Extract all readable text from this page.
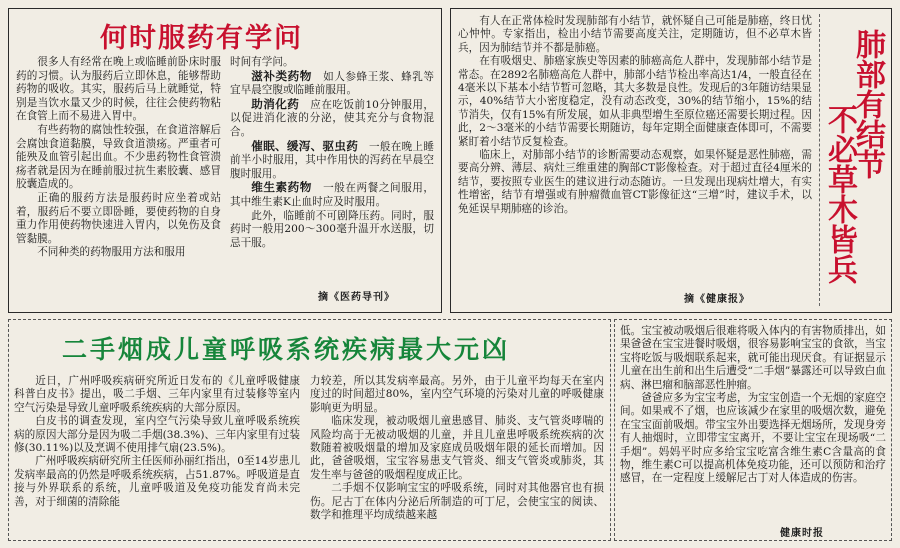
何时服药有学问

很多人有经常在晚上或临睡前卧床时服药的习惯。认为服药后立即休息，能够帮助药物的吸收。其实，服药后马上就睡觉，特别是当饮水量又少的时候，往往会使药物粘在食管上而不易进入胃中。

有些药物的腐蚀性较强，在食道溶解后会腐蚀食道黏膜，导致食道溃疡。严重者可能殃及血管引起出血。不少患药物性食管溃疡者就是因为在睡前服过抗生素胶囊、感冒胶囊造成的。

正确的服药方法是服药时应坐着或站着，服药后不要立即卧睡，要使药物的自身重力作用使药物快速进入胃内，以免伤及食管黏膜。

不同种类的药物服用方法和服用

时间有学问。

滋补类药物  如人参蜂王浆、蜂乳等宜早晨空腹或临睡前服用。

助消化药  应在吃饭前10分钟服用，以促进消化液的分泌，使其充分与食物混合。

催眠、缓泻、驱虫药  一般在晚上睡前半小时服用，其中作用快的泻药在早晨空腹时服用。

维生素药物  一般在两餐之间服用，其中维生素K止血时应及时服用。

此外，临睡前不可剧降压药。同时，服药时一般用200～300毫升温开水送服，切忌干服。

摘《医药导刊》

有人在正常体检时发现肺部有小结节，就怀疑自己可能是肺癌，终日忧心忡忡。专家指出，检出小结节需要高度关注，定期随访，但不必草木皆兵，因为肺结节并不都是肺癌。

在有吸烟史、肺癌家族史等因素的肺癌高危人群中，发现肺部小结节是常态。在2892名肺癌高危人群中，肺部小结节检出率高达1/4，一般直径在4毫米以下基本小结节暂可忽略，其大多数是良性。发现后的3年随访结果显示，40%结节大小密度稳定，没有动态改变，30%的结节缩小，15%的结节消失，仅有15%有所发展，如从非典型增生至原位癌还需要长期过程。因此，2～3毫米的小结节需要长期随访，每年定期全面健康查体即可，不需要紧盯着小结节反复检查。

临床上，对肺部小结节的诊断需要动态观察，如果怀疑是恶性肺癌，需要高分辨、薄层、病灶三维重建的胸部CT影像检查。对于超过直径4厘米的结节，要按照专业医生的建议进行动态随访。一旦发现出现病灶增大，有实性增密，结节有增强或有肿瘤微血管CT影像征这“三增”时，建议手术，以免延误早期肺癌的诊治。

摘《健康报》
肺部有结节
不必草木皆兵
二手烟成儿童呼吸系统疾病最大元凶

近日，广州呼吸疾病研究所近日发布的《儿童呼吸健康科普白皮书》提出，吸二手烟、三年内家里有过装修等室内空气污染是导致儿童呼吸系统疾病的大部分原因。

白皮书的调查发现，室内空气污染导致儿童呼吸系统疾病的原因大部分是因为吸二手烟(38.3%)、三年内家里有过装修(30.11%)以及烹调不使用排气扇(23.5%)。

广州呼吸疾病研究所主任医师孙丽红指出，0至14岁患儿发病率最高的仍然是呼吸系统疾病，占51.87%。呼吸道是直接与外界联系的系统，儿童呼吸道及免疫功能发育尚未完善，对于细菌的清除能

力较差，所以其发病率最高。另外，由于儿童平均每天在室内度过的时间超过80%，室内空气环境的污染对儿童的呼吸健康影响更为明显。

临床发现，被动吸烟儿童患感冒、肺炎、支气管炎哮喘的风险均高于无被动吸烟的儿童，并且儿童患呼吸系统疾病的次数随着被吸烟量的增加及家庭成员吸烟年限的延长而增加。因此，爸爸吸烟，宝宝容易患支气管炎、细支气管炎或肺炎，其发生率与爸爸的吸烟程度成正比。

二手烟不仅影响宝宝的呼吸系统，同时对其他器官也有损伤。尼古丁在体内分泌后所制造的可丁尼，会使宝宝的阅读、数学和推理平均成绩越来越

低。宝宝被动吸烟后很难将吸入体内的有害物质排出，如果爸爸在宝宝进餐时吸烟，很容易影响宝宝的食欲，当宝宝将吃饭与吸烟联系起来，就可能出现厌食。有证据显示儿童在出生前和出生后遭受“二手烟”暴露还可以导致白血病、淋巴瘤和脑部恶性肿瘤。

爸爸应多为宝宝考虑，为宝宝创造一个无烟的家庭空间。如果戒不了烟，也应该减少在家里的吸烟次数，避免在宝宝面前吸烟。带宝宝外出要选择无烟场所，发现身旁有人抽烟时，立即带宝宝离开，不要让宝宝在现场吸“二手烟”。妈妈平时应多给宝宝吃富含维生素C含量高的食物，维生素C可以提高机体免疫功能，还可以预防和治疗感冒，在一定程度上缓解尼古丁对人体造成的伤害。

健康时报
